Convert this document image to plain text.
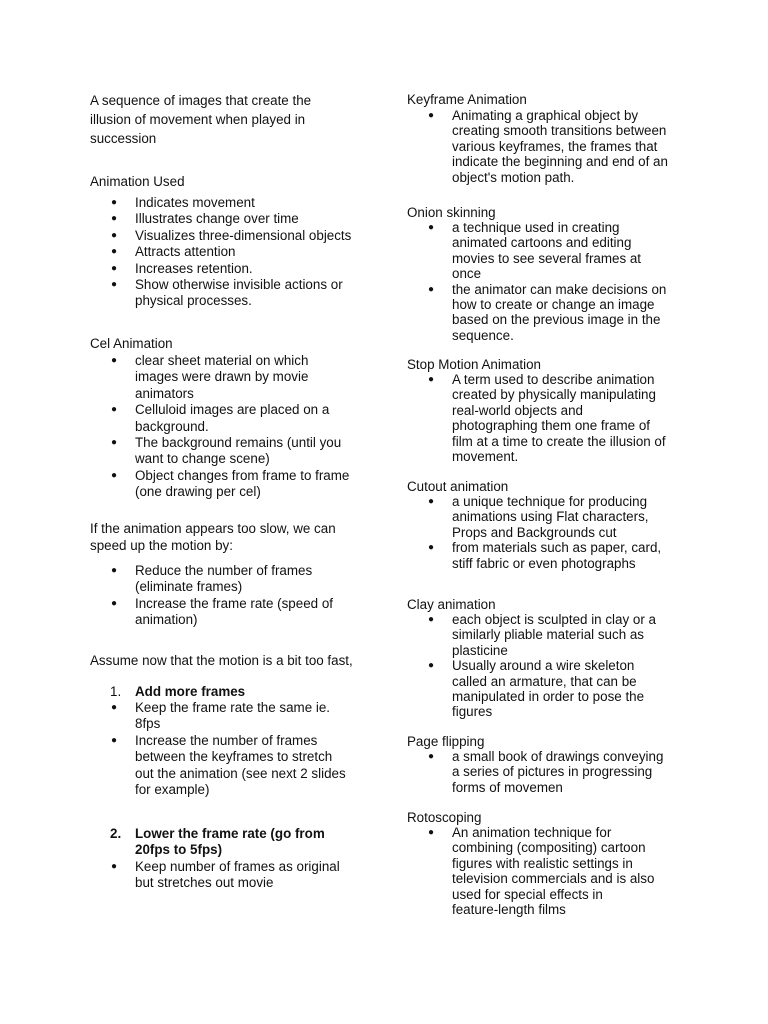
A sequence of images that create the
illusion of movement when played in
succession

Animation Used

● Indicates movement
● Illustrates change over time
● Visualizes three-dimensional objects
● Attracts attention
● Increases retention.
● Show otherwise invisible actions or
physical processes.

Cel Animation

● clear sheet material on which
images were drawn by movie
animators
● Celluloid images are placed on a
background.
● The background remains (until you
want to change scene)
● Object changes from frame to frame
(one drawing per cel)

If the animation appears too slow, we can
speed up the motion by:

● Reduce the number of frames
(eliminate frames)
● Increase the frame rate (speed of
animation)

Assume now that the motion is a bit too fast,

1. Add more frames
● Keep the frame rate the same ie.
8fps
● Increase the number of frames
between the keyframes to stretch
out the animation (see next 2 slides
for example)
2. Lower the frame rate (go from
20fps to 5fps)
● Keep number of frames as original
but stretches out movie

Keyframe Animation

● Animating a graphical object by
creating smooth transitions between
various keyframes, the frames that
indicate the beginning and end of an
object's motion path.

Onion skinning

● a technique used in creating
animated cartoons and editing
movies to see several frames at
once
● the animator can make decisions on
how to create or change an image
based on the previous image in the
sequence.

Stop Motion Animation

● A term used to describe animation
created by physically manipulating
real-world objects and
photographing them one frame of
film at a time to create the illusion of
movement.

Cutout animation

● a unique technique for producing
animations using Flat characters,
Props and Backgrounds cut
● from materials such as paper, card,
stiff fabric or even photographs

Clay animation

● each object is sculpted in clay or a
similarly pliable material such as
plasticine
● Usually around a wire skeleton
called an armature, that can be
manipulated in order to pose the
figures

Page flipping

● a small book of drawings conveying
a series of pictures in progressing
forms of movemen

Rotoscoping

● An animation technique for
combining (compositing) cartoon
figures with realistic settings in
television commercials and is also
used for special effects in
feature-length films
